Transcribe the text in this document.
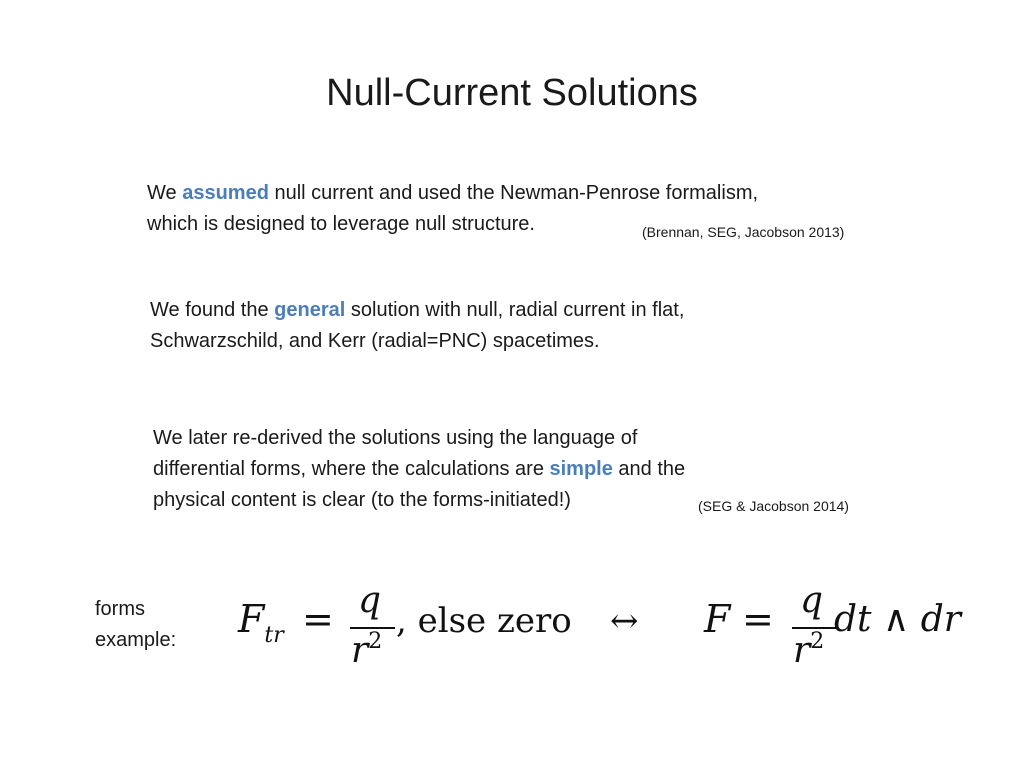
Null-Current Solutions
We assumed null current and used the Newman-Penrose formalism,
which is designed to leverage null structure.	(Brennan, SEG, Jacobson 2013)
We found the general solution with null, radial current in flat,
Schwarzschild, and Kerr (radial=PNC) spacetimes.
We later re-derived the solutions using the language of
differential forms, where the calculations are simple and the
physical content is clear (to the forms-initiated!)	(SEG & Jacobson 2014)
forms
example: $F_{tr} = q$
$r^2$
, else zero ↔ F = q
$r^2$
dt ∧ dr
